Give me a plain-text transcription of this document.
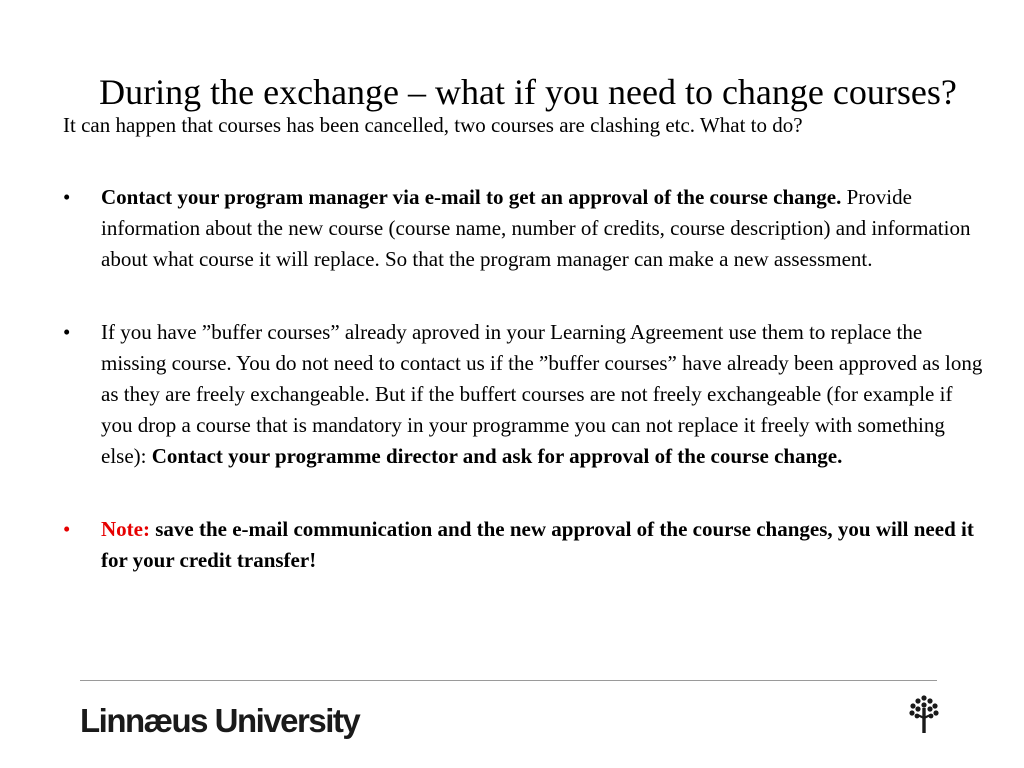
During the exchange – what if you need to change courses?

It can happen that courses has been cancelled, two courses are clashing etc. What to do?

•	Contact your program manager via e-mail to get an approval of the course change. Provide information about the new course (course name, number of credits, course description) and information about what course it will replace. So that the program manager can make a new assessment.
•	If you have ”buffer courses” already aproved in your Learning Agreement use them to replace the missing course. You do not need to contact us if the ”buffer courses” have already been approved as long as they are freely exchangeable. But if the buffert courses are not freely exchangeable (for example if you drop a course that is mandatory in your programme you can not replace it freely with something else): Contact your programme director and ask for approval of the course change.
•	Note: save the e-mail communication and the new approval of the course changes, you will need it for your credit transfer!
Linnæus University
